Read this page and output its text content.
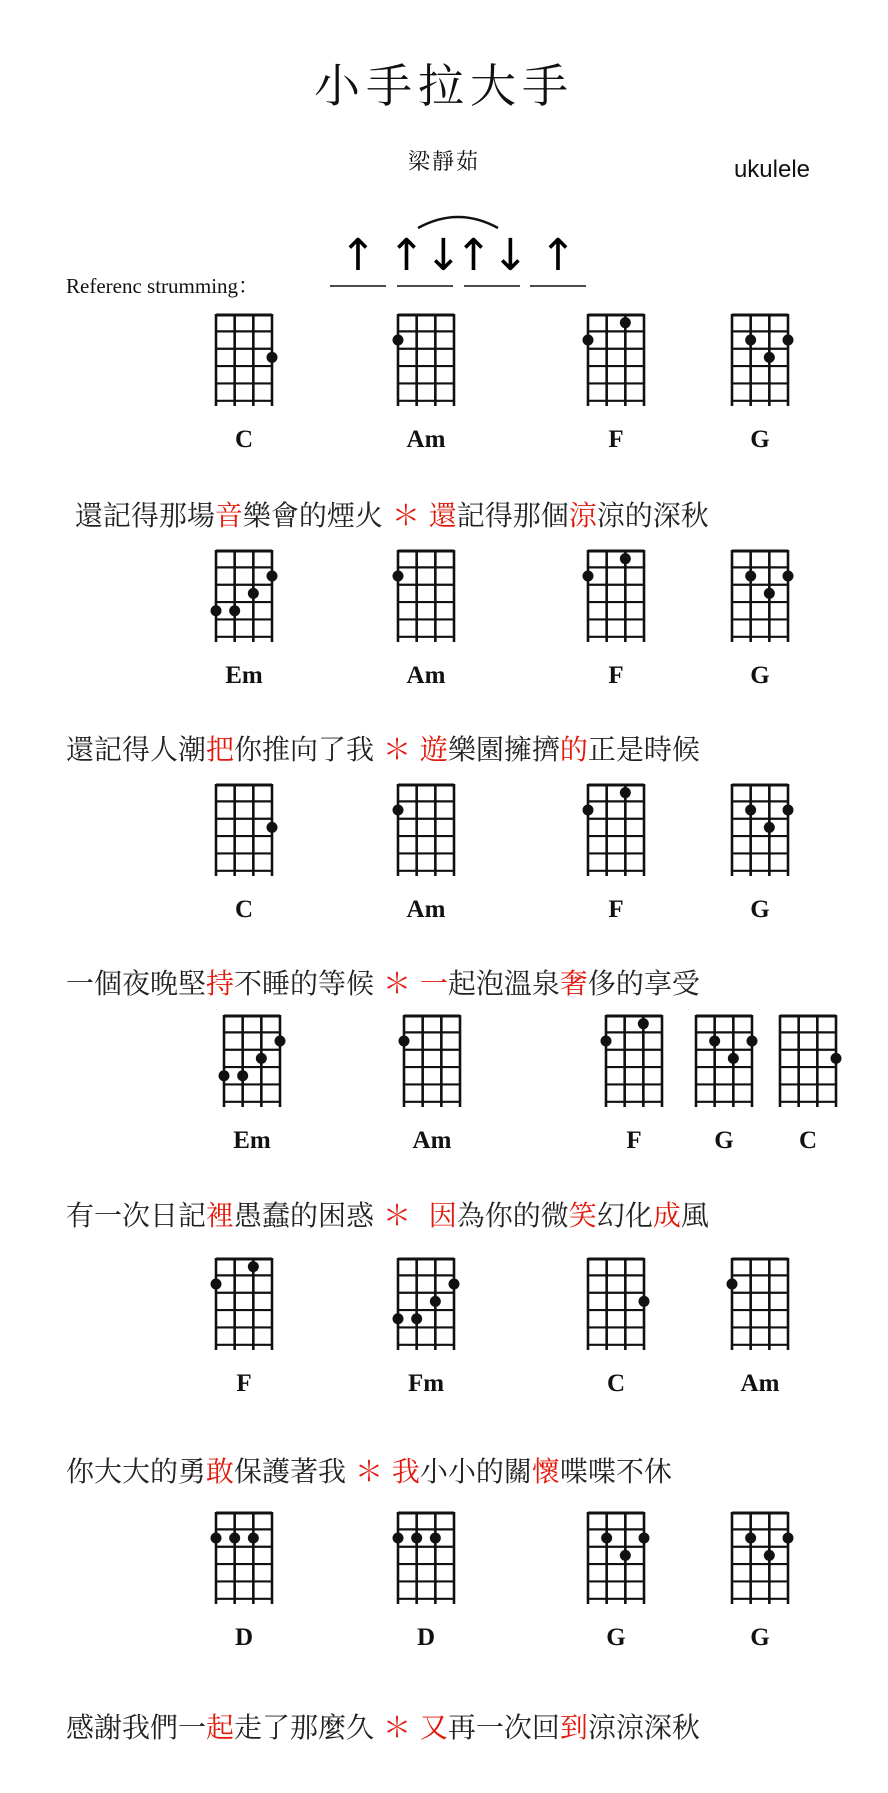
小手拉大手
梁靜茹	ukulele
Referenc strumming：
↑ ↑↓
↑↓ ↑
C	Am	F	G
還記得那場音樂會的煙火 ＊ 還記得那個涼涼的深秋
Em	Am	F	G
還記得人潮把你推向了我 ＊ 遊樂園擁擠的正是時候
C	Am	F	G
一個夜晚堅持不睡的等候 ＊ 一起泡溫泉奢侈的享受
Em	Am	F	G	C
有一次日記裡愚蠢的困惑 ＊ 因為你的微笑幻化成風
F	Fm	C	Am
你大大的勇敢保護著我 ＊ 我小小的關懷喋喋不休
D	D	G	G
感謝我們一起走了那麼久 ＊ 又再一次回到涼涼深秋
